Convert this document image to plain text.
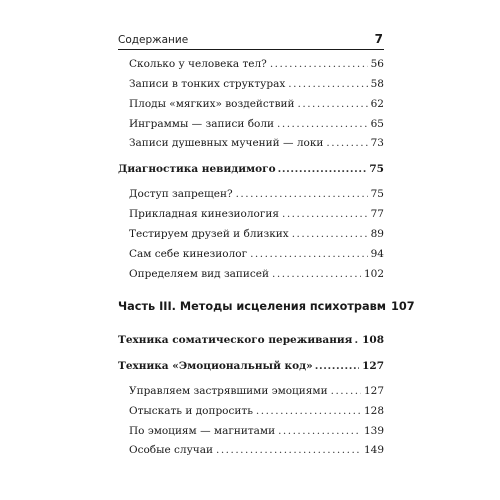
Содержание	7
Сколько у человека тел? .....	56
Записи в тонких структурах .....	58
Плоды «мягких» воздействий .....	62
Инграммы — записи боли .....	65
Записи душевных мучений — локи .....	73
Диагностика невидимого .....	75
Доступ запрещен? .....	75
Прикладная кинезиология .....	77
Тестируем друзей и близких .....	89
Сам себе кинезиолог .....	94
Определяем вид записей .....	102
Часть III. Методы исцеления психотравм 107
Техника соматического переживания ..... 108
Техника «Эмоциональный код» .....	127
Управляем застрявшими эмоциями .....	127
Отыскать и допросить .....	128
По эмоциям — магнитами .....	139
Особые случаи .....	149
